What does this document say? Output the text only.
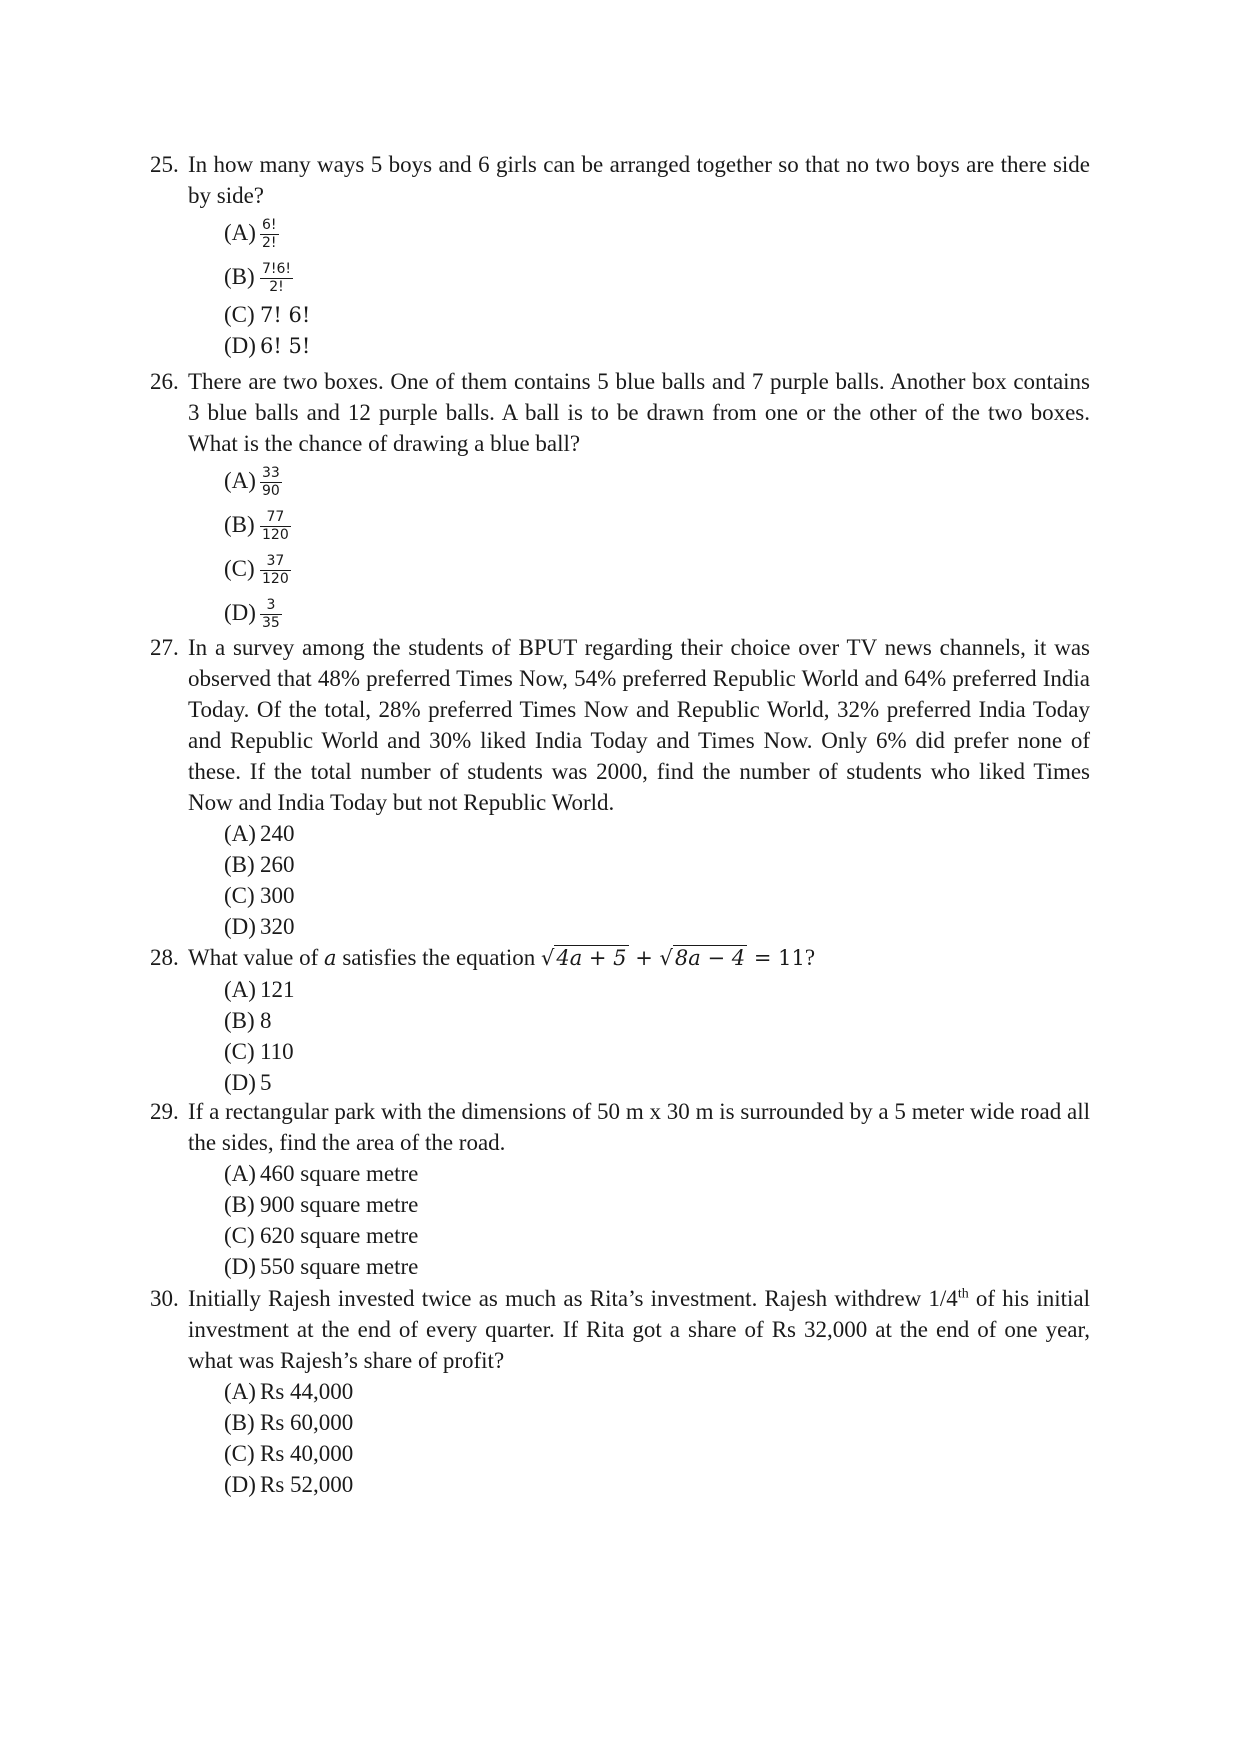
25. In how many ways 5 boys and 6 girls can be arranged together so that no two boys are there side by side?
$(A) \frac{6!}{2!}$
$(B) \frac{7!6!}{2!}$
(C) 7! 6!
(D) 6! 5!
26. There are two boxes. One of them contains 5 blue balls and 7 purple balls. Another box contains 3 blue balls and 12 purple balls. A ball is to be drawn from one or the other of the two boxes. What is the chance of drawing a blue ball?
$(A) \frac{33}{90}$
$(B) \frac{77}{120}$
$(C) \frac{37}{120}$
$(D) \frac{3}{35}$
27. In a survey among the students of BPUT regarding their choice over TV news channels, it was observed that 48% preferred Times Now, 54% preferred Republic World and 64% preferred India Today. Of the total, 28% preferred Times Now and Republic World, 32% preferred India Today and Republic World and 30% liked India Today and Times Now. Only 6% did prefer none of these. If the total number of students was 2000, find the number of students who liked Times Now and India Today but not Republic World.
(A) 240
(B) 260
(C) 300
(D) 320
28. What value of a satisfies the equation √4a + 5 + √8a − 4 = 11?
(A) 121
(B) 8
(C) 110
(D) 5
29. If a rectangular park with the dimensions of 50 m x 30 m is surrounded by a 5 meter wide road all the sides, find the area of the road.
(A) 460 square metre
(B) 900 square metre
(C) 620 square metre
(D) 550 square metre
30. Initially Rajesh invested twice as much as Rita’s investment. Rajesh withdrew 1/4th of his initial investment at the end of every quarter. If Rita got a share of Rs 32,000 at the end of one year, what was Rajesh’s share of profit?
(A) Rs 44,000
(B) Rs 60,000
(C) Rs 40,000
(D) Rs 52,000
